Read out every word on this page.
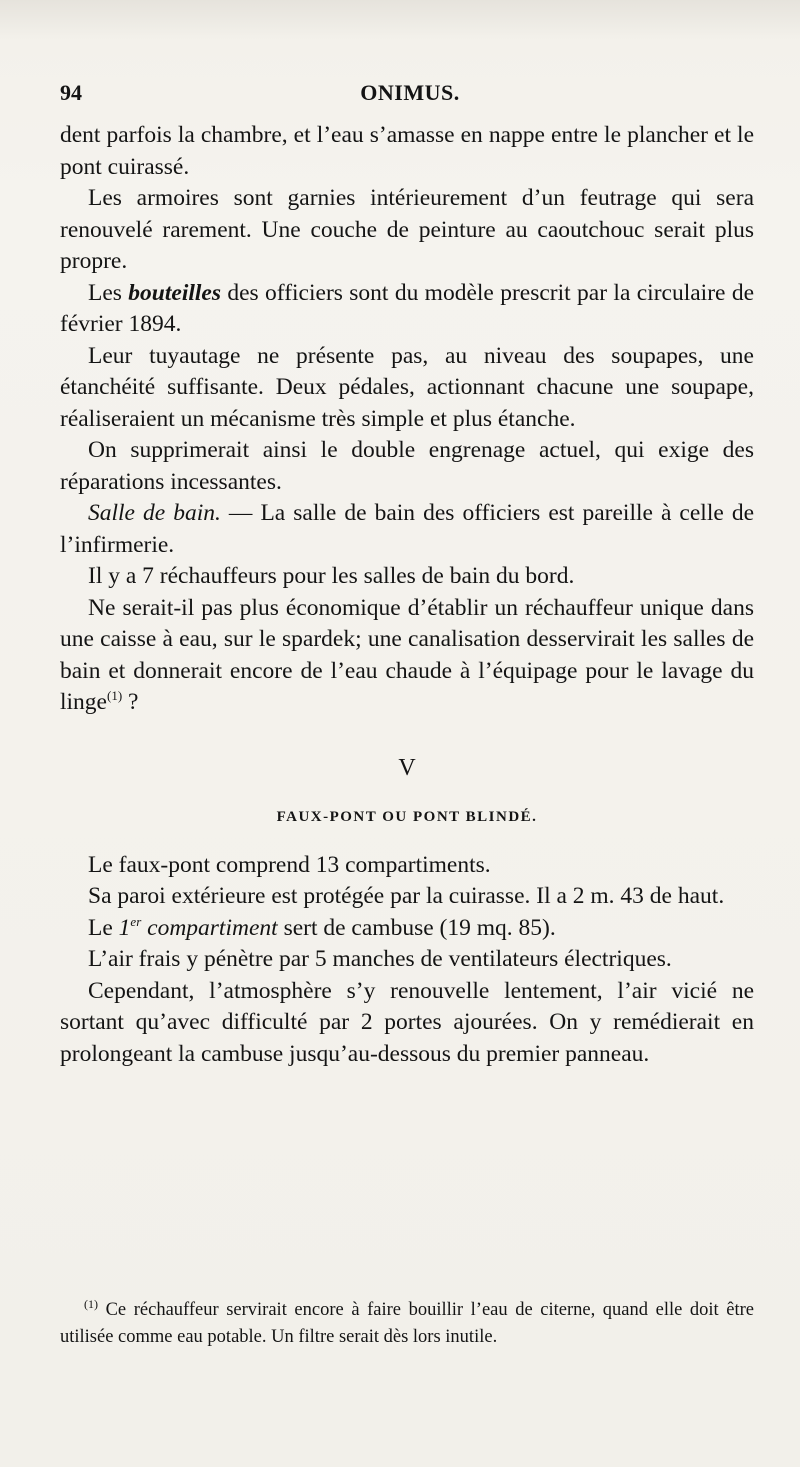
94	ONIMUS.

dent parfois la chambre, et l’eau s’amasse en nappe entre le plancher et le pont cuirassé.

Les armoires sont garnies intérieurement d’un feutrage qui sera renouvelé rarement. Une couche de peinture au caoutchouc serait plus propre.

Les bouteilles des officiers sont du modèle prescrit par la circulaire de février 1894.

Leur tuyautage ne présente pas, au niveau des soupapes, une étanchéité suffisante. Deux pédales, actionnant chacune une soupape, réaliseraient un mécanisme très simple et plus étanche.

On supprimerait ainsi le double engrenage actuel, qui exige des réparations incessantes.

Salle de bain. — La salle de bain des officiers est pareille à celle de l’infirmerie.

Il y a 7 réchauffeurs pour les salles de bain du bord.

Ne serait-il pas plus économique d’établir un réchauffeur unique dans une caisse à eau, sur le spardek; une canalisation desservirait les salles de bain et donnerait encore de l’eau chaude à l’équipage pour le lavage du linge$^{(1)}$ ?

V

FAUX-PONT OU PONT BLINDÉ.

Le faux-pont comprend 13 compartiments.

Sa paroi extérieure est protégée par la cuirasse. Il a 2 m. 43 de haut.

Le 1er compartiment sert de cambuse (19 mq. 85).

L’air frais y pénètre par 5 manches de ventilateurs électriques.

Cependant, l’atmosphère s’y renouvelle lentement, l’air vicié ne sortant qu’avec difficulté par 2 portes ajourées. On y remédierait en prolongeant la cambuse jusqu’au-dessous du premier panneau.

$^{(1)}$ Ce réchauffeur servirait encore à faire bouillir l’eau de citerne, quand elle doit être utilisée comme eau potable. Un filtre serait dès lors inutile.
